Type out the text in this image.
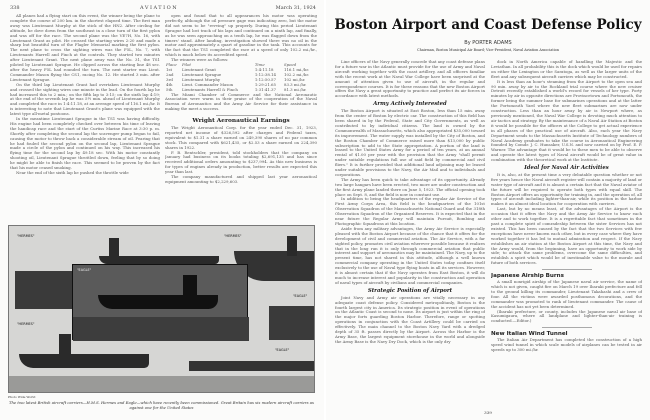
338	AVIATION	March 31, 1924

All planes had a flying start on this event, the winner being the plane to complete the course of 200 km. in the shortest elapsed time. The first man away was Lieutenant Murphy at the stick of the HN2. After circling for altitude, he dove down from the southeast in a close turn of the first pylon and was off for the race. The second plane was the VE7H, No. 16, with Lieutenant Grant as pilot. He crossed the starting wires 2:20 and made a sharp but beautiful turn of the Flagler Memorial marking the first pylon. The next plane to cross the sighting wires was the F5L, No. 7, with Lieutenants Harrell and Finch at the controls. They started two minutes after Lieutenant Grant. The next plane away was the No. 31, the TS1 piloted by Lieutenant Sprague. He clipped across the starting line 48 sec. after the heavy F5L had rounded the turn. The next starter was Lieut. Commander Mason flying the CS1, racing No. 12. He started 3 min. after Lieutenant Sprague.

On the third lap Lieutenant Grant had overtaken Lieutenant Murphy and crossed the sighting wires one minute in the lead. On the fourth lap he had increased this to 2 min.; on the fifth lap to 3:15; on the sixth lap 4:19; at the end of the seventh lap he was 5½ min. ahead of Lieutenant Murphy and completed the race in 1:4:11.18, at an average speed of 116.1 mi./hr. It is interesting to note that Lieutenant Grant's plane was equipped with the latest type all-metal pontoons.

In the meantime Lieutenant Sprague in the TS1 was having difficulty. His engine had been completely checked over between his time of leaving the handicap race and the start of the Curtiss Marine Race at 3:30 p. m. Shortly after completing the second lap the scavenger pump began to fail, causing the motor to throw back a considerable stream of oil. Fearing that he had fouled the second pylon on the second lap, Lieutenant Sprague made a circle of the pylon and continued on his way. This increased his flying time for the second lap by 49.18 sec. With his motor constantly shooting oil, Lieutenant Sprague throttled down, feeling that by so doing he might be able to finish the race. This seemed to be proven by the fact that his motor ceased smoking.

Near the end of the sixth lap he pushed the throttle wide

open and found that to all appearances his motor was operating perfectly, although the oil pressure gage was indicating zero, but the motor did not seem to be "revving" up properly. During this period Lieutenant Sprague had lost track of his laps and continued on a ninth lap, and finally, as he was seen approaching on a tenth lap, he was flagged down from the timers' stand. After landing, investigation showed there was no oil in the motor and approximately a quart of gasoline in the tank. This accounts for the fact that the TS1 completed the race at a speed of only 102.2 mi./hr., which is much below its accredited speed.

The winners were as follows:

Place	Pilot	Time	Speed
1st	Lieutenant Grant	1:4:11.18	116.1 mi./hr.
2nd	Lieutenant Sprague	1:12:38.14	102.2 mi./hr.
3rd	Lieutenant Murphy	1:12:50.57	102 mi./hr.
4th	Lieut. Commander Mason	1:29:21.65	83.3 mi./hr.
5th	Lieutenants Harrell & Finch	1:31:41.37	81.3 mi./hr.

The Miami Chamber of Commerce and the National Aeronautic Association were warm in their praise of the cooperation of the Naval Bureau of Aeronautics and the Army Air Service for their assistance in making the meet a success.

Wright Aeronautical Earnings

The Wright Aeronautical Corp. for the year ended Dec. 31, 1923, reported net income of $326,592 after charges and Federal taxes, equivalent to $1.31 a share earned on 249,390 shares of no par common stock. This compared with $621,435, or $2.53 a share earned on 224,390 shares in 1922.

F. B. Rentschler, president, told stockholders that the company on January had business on its books totaling $2,691,135 and has since received additional orders amounting to $237,994. As this new business is for types of engines already in production, better results are expected this year than last.

The company manufactured and shipped last year aeronautical equipment amounting to $2,229,603.

"HERMES"	"HERMES"
"EAGLE"
"HERMES"
"EAGLE"
"EAGLE"
Photo Wide World
The two latest British aircraft carriers—H.M.S. Hermes and Eagle—which have recently been commissioned. Great Britain has six modern aircraft carriers as against one for the United States
Boston Airport and Coast Defense Policy
By PORTER ADAMS
Chairman, Boston Municipal Air Board; Vice-President, Naval Aviation Association

Line officers of the Navy generally concede that any coast defense plans for a future war in the Atlantic must provide for the use of Army and Naval aircraft working together with the coast artillery, and all officers familiar with the recent work at the Naval War College have been surprised at the amount of attention given to use of aircraft, in the regular and correspondence courses. It is for these reasons that the new Boston Airport offers the Navy a great opportunity to practice and perfect its air forces in accordance with latest methods.

Army Actively Interested

The Boston Airport is situated at East Boston, less than 15 min. away from the center of Boston by electric car. The construction of this field has been shared in by the Federal, State and City Governments, as well as contributed to by individual citizens. The land is owned by the Commonwealth of Massachusetts, which also appropriated $35,000 toward its improvement. The water supply was installed by the City of Boston, and the Boston Chamber of Commerce raised more than $13,000 by public subscription to add to the State appropriation. A portion of the land is leased to the United States Army for a period of ten years, at an annual rental of $1.00 per year with the provision that the Army "shall permit under suitable regulations full use of said field by commercial and civil fliers." It is further provided that additional land adjoining may be leased under suitable provisions to the Navy, the Air Mail and to individuals and corporations.

The Army has been quick to take advantage of its opportunity. Already two large hangars have been erected, two more are under construction and the first Army plane landed there on June 5, 1923. The official opening took place on Sept. 8, and the field is now in constant use.

In addition to being the headquarters of the regular Air Service of the First Army Corps Area, this field is the headquarters of the 101st Observation Squadron of the Massachusetts National Guard and the 318th Observation Squadron of the Organized Reserves. It is expected that in the near future the Regular Army will maintain Pursuit, Bombing and Photographic Squadrons at this location.

Aside from any military advantages, the Army Air Service is especially pleased with the Boston Airport because of the chance that it offers for the development of civil and commercial aviation. The Air Service, with a far sighted policy, promotes civil aviation wherever possible because it realizes that in the long run it is only through commercial aviation that public interest and support of aeronautics may be maintained. The Navy, up to the present time, has not shared in this attitude, although a well known commercial company operating in the United States today confines itself exclusively to the use of Naval type flying boats in all its services. However, it is almost certain that if the Navy operates from East Boston, it will do much to increase interest and popularity in the construction and operation of naval types of aircraft by civilians and commercial companies.

Strategic Position of Airport

Joint Navy and Army air operations are vitally necessary in any adequate coast defense policy. Considered metropolitanly, Boston is the fourth largest city in America. Its strategic position in event of operations on the Atlantic Coast is second to none. Its airport is just within the ring of the major forts guarding Boston Harbor. Therefore, range or spotting operations in conjunction with the Coast Artillery could be carried on effectively. The main channel to the Boston Navy Yard with a dredged depth of 35 ft. passes directly by the Airport. Across the Harbor is the Army Base, the largest equipment storehouse in the world and alongside the Army Base is the Navy Dry Dock, which is the only dry

dock in North America capable of handling the Majestic and the Leviathan. In all probability this is the dock which would be used for repairs on either the Lexington or the Saratoga, as well as the larger units of the fleet and any subsequent aircraft carriers which may be constructed.

It is less than an hour's steaming from the Airport to the open sea and 90 min. away by air to the Rockland trial course where the new cruiser Detroit recently established a world's record for vessels of her type. Forty minutes by air in opposite directions are Provincetown and Portsmouth, the former being the summer base for submarines operations and at the latter the Portsmouth Yard where the new fleet submarines are now under construction. Less than an hour away by air is Newport where, as previously mentioned, the Naval War College is devoting much attention to air tactics and strategy. By the maintenance of a Naval Air Station at Boston it would be possible for the officers at the College to get actual experience in all phases of the practical use of aircraft. Also, each year the Navy Department sends to the Massachusetts Institute of Technology numbers of Naval Academy graduates to take the course in Aeronautical Engineering founded by Comdr. J. C. Hunsaker, U.S.N. and now carried on by Prof. E. P. Warner. The advantage that it would be to these men to be able to observe and operate the latest types of Naval aircraft would be of great value in combination with the theoretical work at the Institute.

Ideal for Naval Air Activities

It is, also, at the present time a very debatable question whether or not five years hence the Naval aircraft register will contain a majority of land or water type of aircraft and it is almost a certain fact that the Naval aviator of the future will be required to operate both types with equal skill. The Boston Airport offers an opportunity for training in, and the operation of, all types of aircraft including lighter-than-air, while its position in the harbor makes it an almost ideal location for cooperation with carriers.

Last, but by no means least, of the advantages of the Airport is the occasion that it offers the Navy and the Army Air Service to know each other and to work together. It is a regrettable fact that sometimes in the past a complete spirit of comradeship between the sister Services has not existed. This has been caused by the fact that the two Services with few exceptions have never known each other, but in every case where they have worked together it has led to mutual admiration and respect. If the Navy establishes an air station at the Boston Airport at this time, the Navy and the Army would, from the beginning, have an opportunity to work side by side; to attack the same problems, overcome the same difficulties, and establish a spirit which would be of inestimable value to the morale and future of both services.

Japanese Airship Burns

A small nonrigid airship of the Japanese naval air service, the name of which is not given, caught fire on March 19 over Ibaraki prefecture and fell to the ground killing its commander, Lieutenant Takahashi and a crew of four. All the victims were awarded posthumous decorations, and the commander was promoted to rank of lieutenant commander. The cause of the accident has not yet been determined.

(Ibaraki prefecture, or county, includes the Japanese naval air base of Kasumigaura, where all landplane and lighter-than-air training is conducted.—Editor.)

New Italian Wind Tunnel

The Italian Air Department has completed the construction of a high speed wind tunnel in which scale models of airplanes can be tested in air speeds up to 300 mi./hr.

339
